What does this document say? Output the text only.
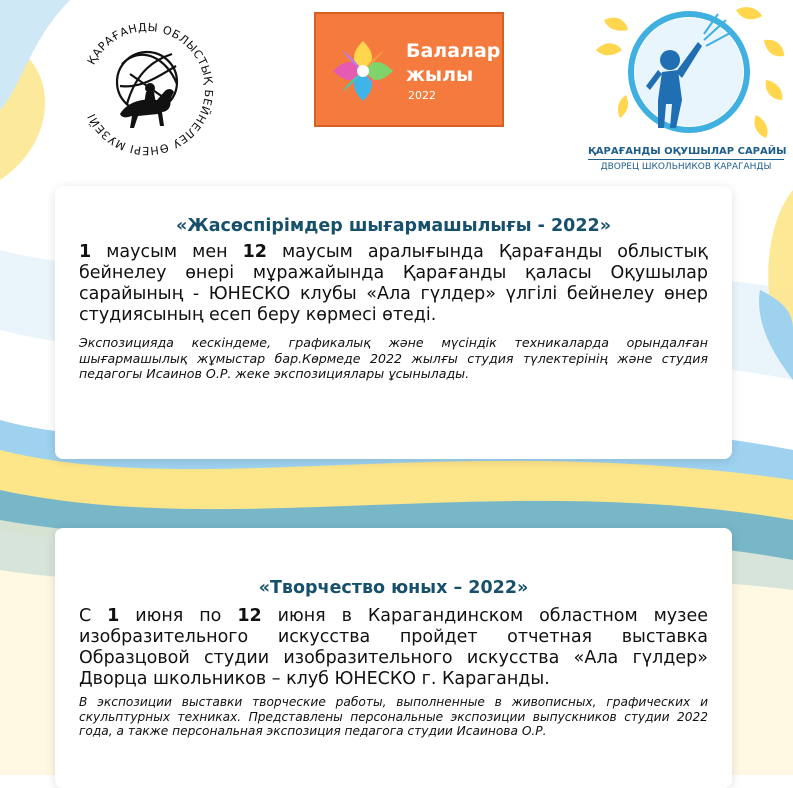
ҚАРАҒАНДЫ ОБЛЫСТЫҚ БЕЙНЕЛЕУ ӨНЕРІ МУЗЕЙІ
Балалар
жылы
2022
ҚАРАҒАНДЫ ОҚУШЫЛАР САРАЙЫ
ДВОРЕЦ ШКОЛЬНИКОВ КАРАГАНДЫ
«Жасөспірімдер шығармашылығы - 2022»

1 маусым мен 12 маусым аралығында Қарағанды облыстық бейнелеу өнері мұражайында Қарағанды қаласы Оқушылар сарайының - ЮНЕСКО клубы «Ала гүлдер» үлгілі бейнелеу өнер студиясының есеп беру көрмесі өтеді.

Экспозицияда кескіндеме, графикалық және мүсіндік техникаларда орындалған шығармашылық жұмыстар бар.Көрмеде 2022 жылғы студия түлектерінің және студия педагогы Исаинов О.Р. жеке экспозициялары ұсынылады.

«Творчество юных – 2022»

С 1 июня по 12 июня в Карагандинском областном музее изобразительного искусства пройдет отчетная выставка Образцовой студии изобразительного искусства «Ала гүлдер» Дворца школьников – клуб ЮНЕСКО г. Караганды.

В экспозиции выставки творческие работы, выполненные в живописных, графических и скульптурных техниках. Представлены персональные экспозиции выпускников студии 2022 года, а также персональная экспозиция педагога студии Исаинова О.Р.
